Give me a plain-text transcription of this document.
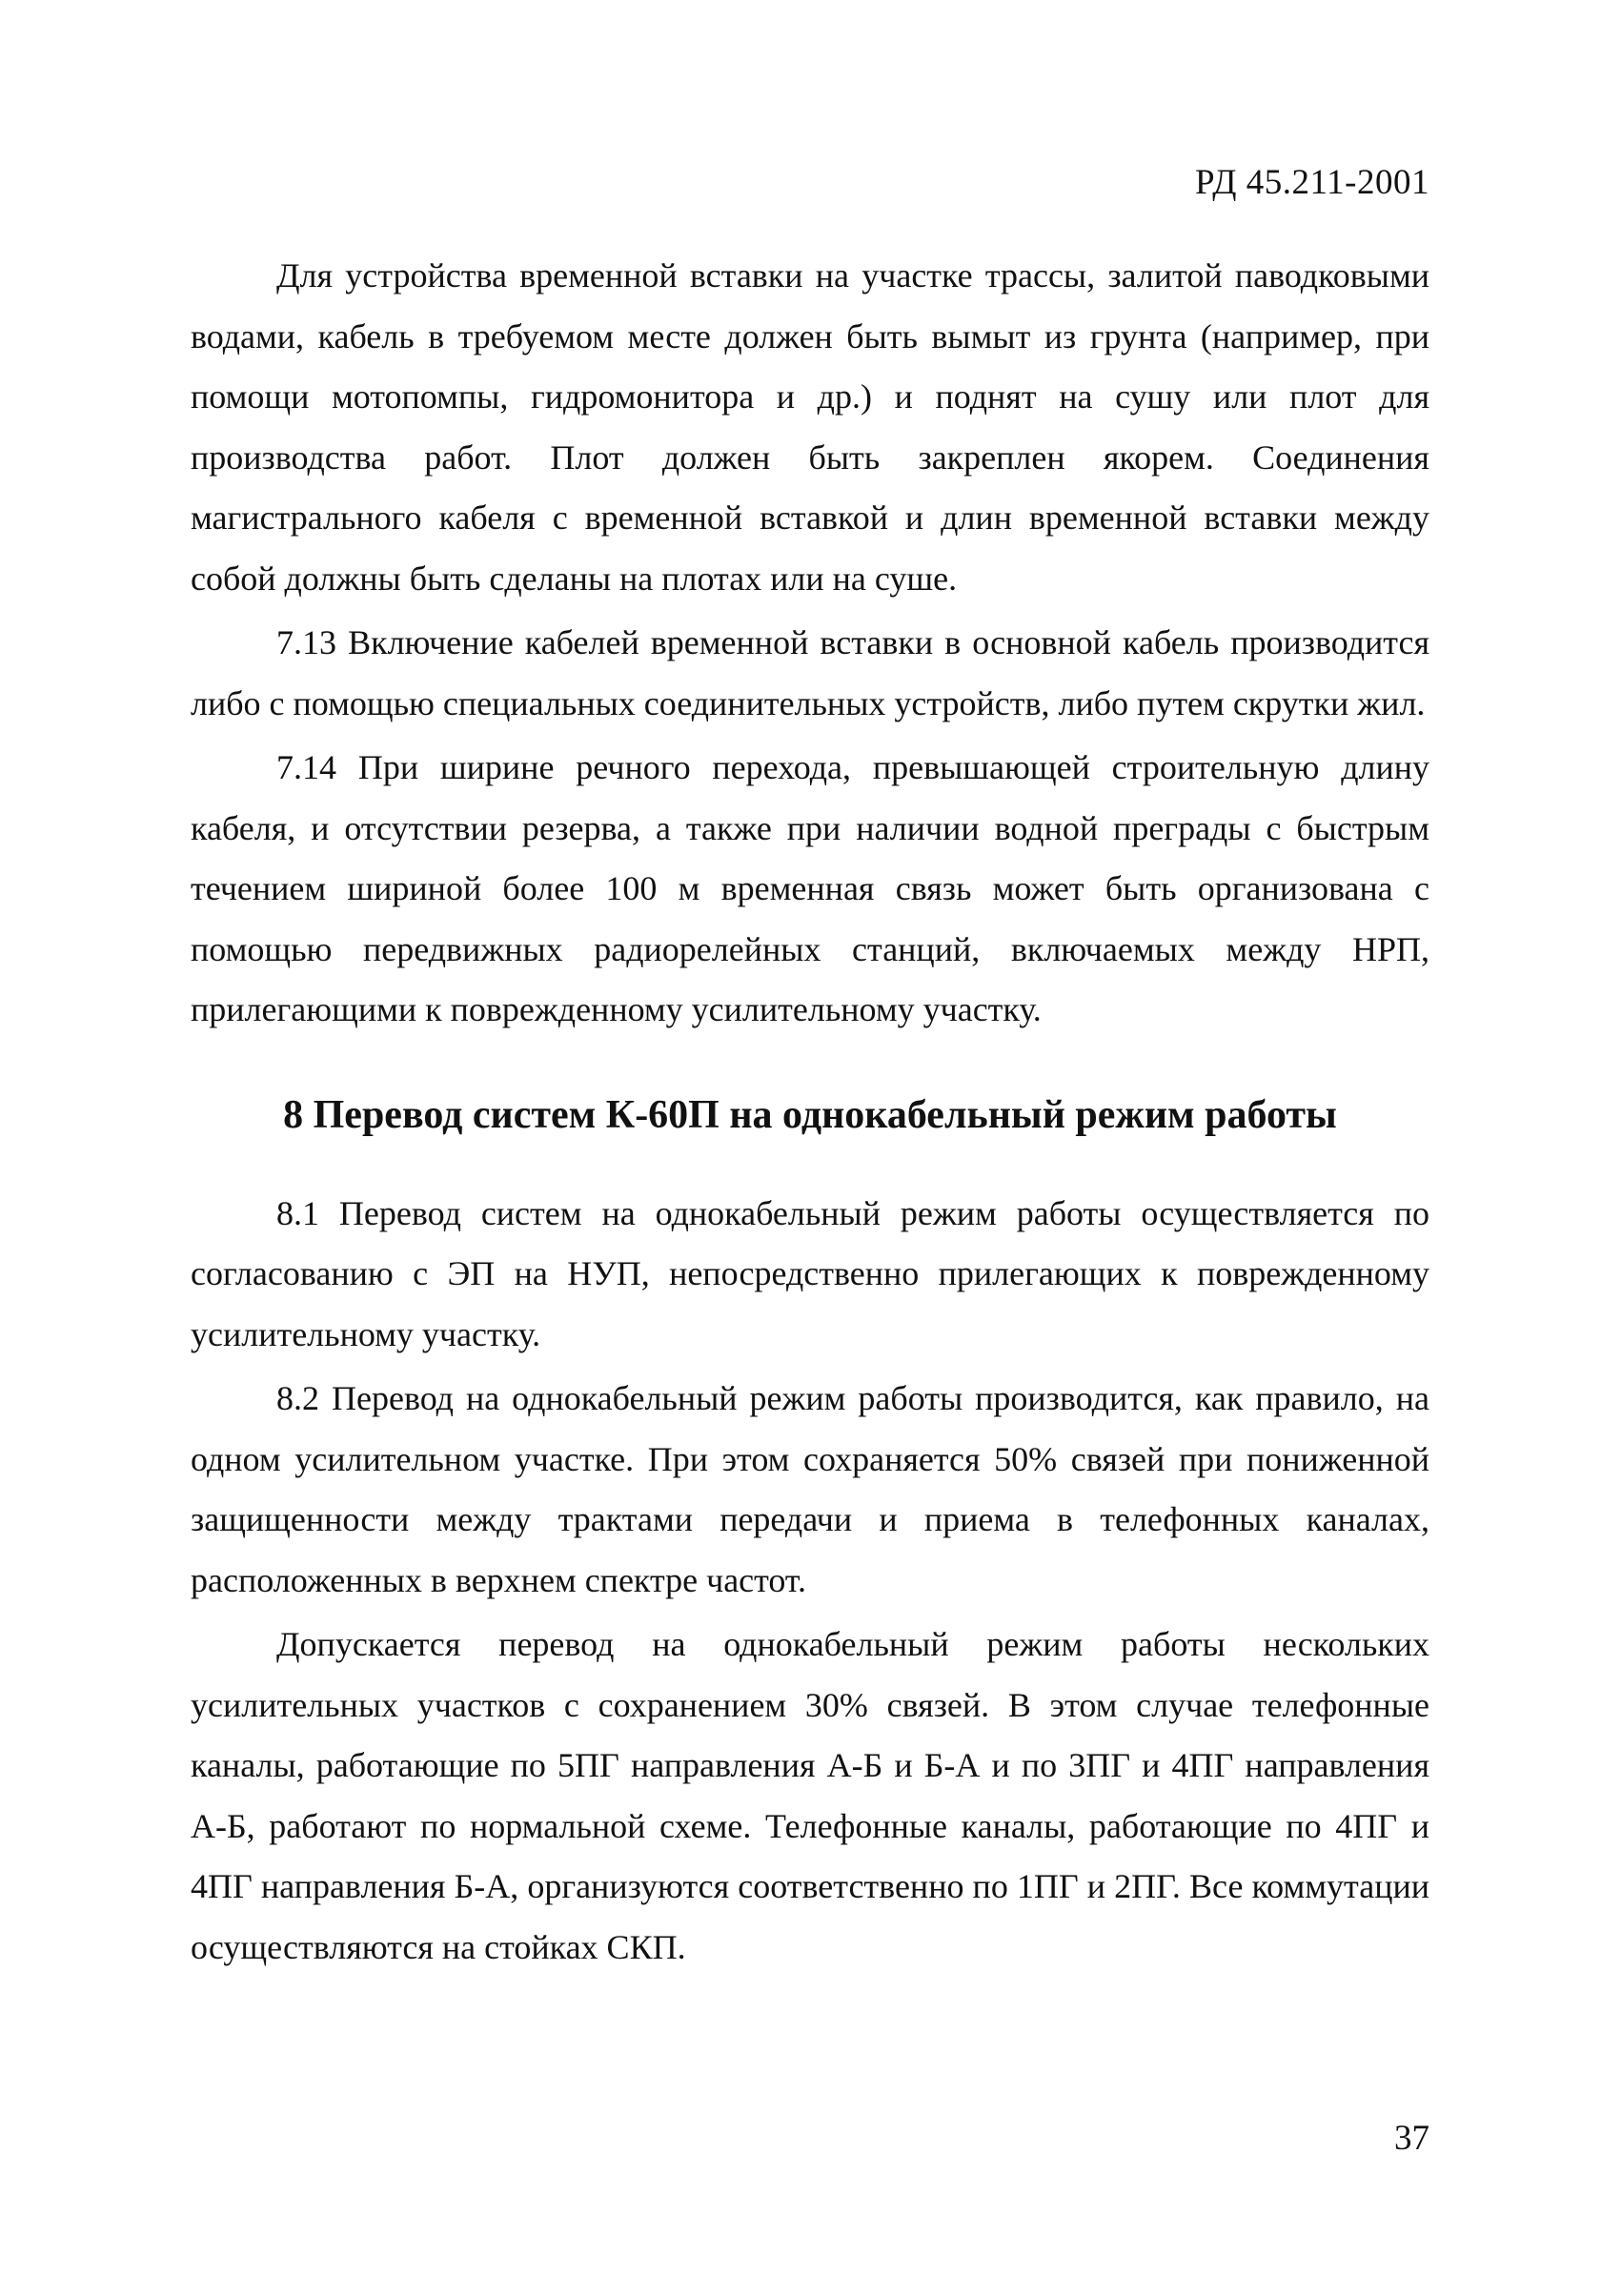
РД 45.211-2001

Для устройства временной вставки на участке трассы, залитой паводковыми водами, кабель в требуемом месте должен быть вымыт из грунта (например, при помощи мотопомпы, гидромонитора и др.) и поднят на сушу или плот для производства работ. Плот должен быть закреплен якорем. Соединения магистрального кабеля с временной вставкой и длин временной вставки между собой должны быть сделаны на плотах или на суше.

7.13 Включение кабелей временной вставки в основной кабель производится либо с помощью специальных соединительных устройств, либо путем скрутки жил.

7.14 При ширине речного перехода, превышающей строительную длину кабеля, и отсутствии резерва, а также при наличии водной преграды с быстрым течением шириной более 100 м временная связь может быть организована с помощью передвижных радиорелейных станций, включаемых между НРП, прилегающими к поврежденному усилительному участку.

8 Перевод систем К-60П на однокабельный режим работы

8.1 Перевод систем на однокабельный режим работы осуществляется по согласованию с ЭП на НУП, непосредственно прилегающих к поврежденному усилительному участку.

8.2 Перевод на однокабельный режим работы производится, как правило, на одном усилительном участке. При этом сохраняется 50% связей при пониженной защищенности между трактами передачи и приема в телефонных каналах, расположенных в верхнем спектре частот.

Допускается перевод на однокабельный режим работы нескольких усилительных участков с сохранением 30% связей. В этом случае телефонные каналы, работающие по 5ПГ направления А-Б и Б-А и по 3ПГ и 4ПГ направления А-Б, работают по нормальной схеме. Телефонные каналы, работающие по 4ПГ и 4ПГ направления Б-А, организуются соответственно по 1ПГ и 2ПГ. Все коммутации осуществляются на стойках СКП.

37
